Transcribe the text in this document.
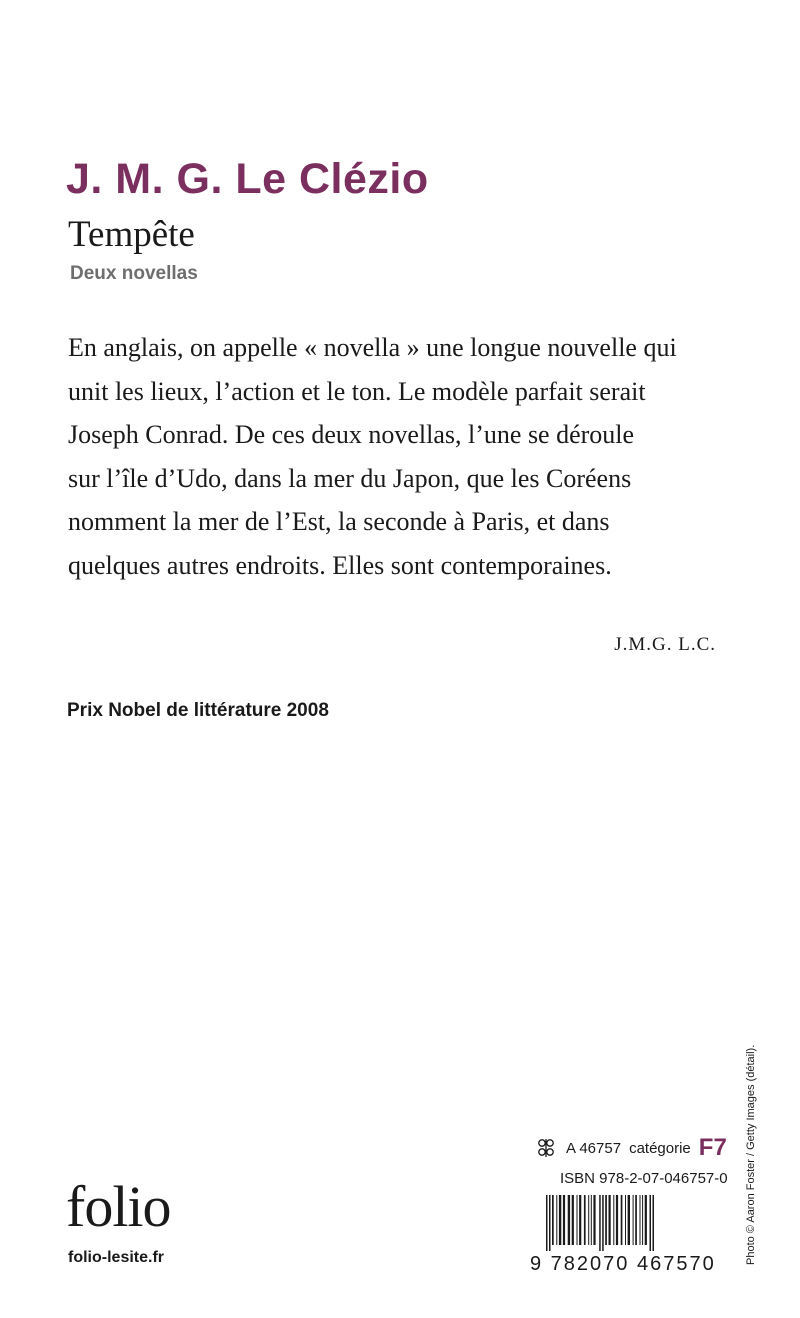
J. M. G. Le Clézio
Tempête
Deux novellas

En anglais, on appelle « novella » une longue nouvelle qui
unit les lieux, l’action et le ton. Le modèle parfait serait
Joseph Conrad. De ces deux novellas, l’une se déroule
sur l’île d’Udo, dans la mer du Japon, que les Coréens
nomment la mer de l’Est, la seconde à Paris, et dans
quelques autres endroits. Elles sont contemporaines.

J.M.G. L.C.
Prix Nobel de littérature 2008
A 46757 catégorie F7
ISBN 978-2-07-046757-0
9 782070 467570
folio
folio-lesite.fr	Photo © Aaron Foster / Getty Images (détail).
